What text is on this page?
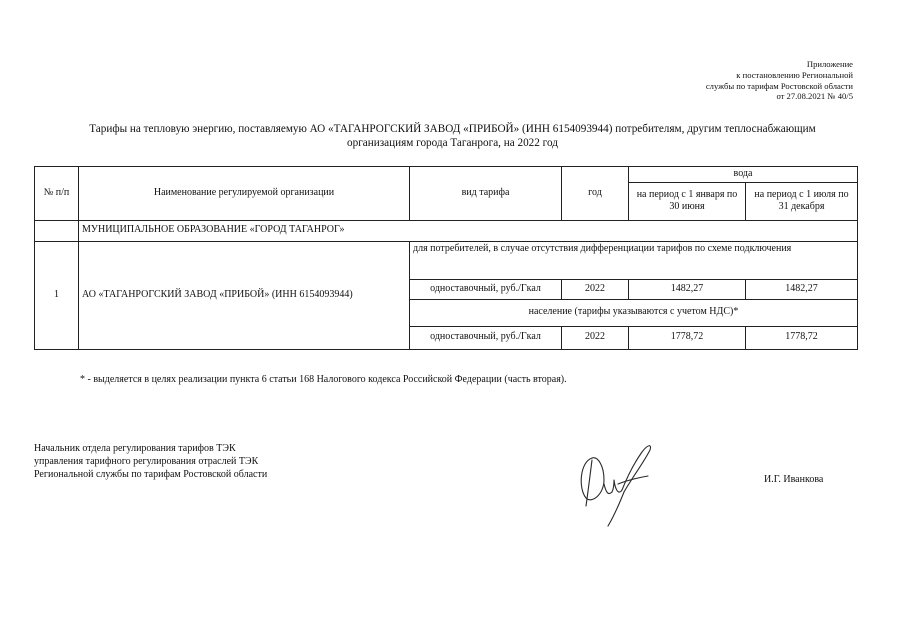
Приложение
к постановлению Региональной
службы по тарифам Ростовской области
от 27.08.2021 № 40/5
Тарифы на тепловую энергию, поставляемую АО «ТАГАНРОГСКИЙ ЗАВОД «ПРИБОЙ» (ИНН 6154093944) потребителям, другим теплоснабжающим
организациям города Таганрога, на 2022 год
№ п/п	Наименование регулируемой организации	вид тарифа	год	вода	
				на период с 1 января по 30 июня	на период с 1 июля по 31 декабря
	МУНИЦИПАЛЬНОЕ ОБРАЗОВАНИЕ «ГОРОД ТАГАНРОГ»				
1	АО «ТАГАНРОГСКИЙ ЗАВОД «ПРИБОЙ» (ИНН 6154093944)	для потребителей, в случае отсутствия дифференциации тарифов по схеме подключения			
		одноставочный, руб./Гкал	2022	1482,27	1482,27
		население (тарифы указываются с учетом НДС)*			
		одноставочный, руб./Гкал	2022	1778,72	1778,72
* - выделяется в целях реализации пункта 6 статьи 168 Налогового кодекса Российской Федерации (часть вторая).
Начальник отдела регулирования тарифов ТЭК
управления тарифного регулирования отраслей ТЭК
Региональной службы по тарифам Ростовской области	И.Г. Иванкова
